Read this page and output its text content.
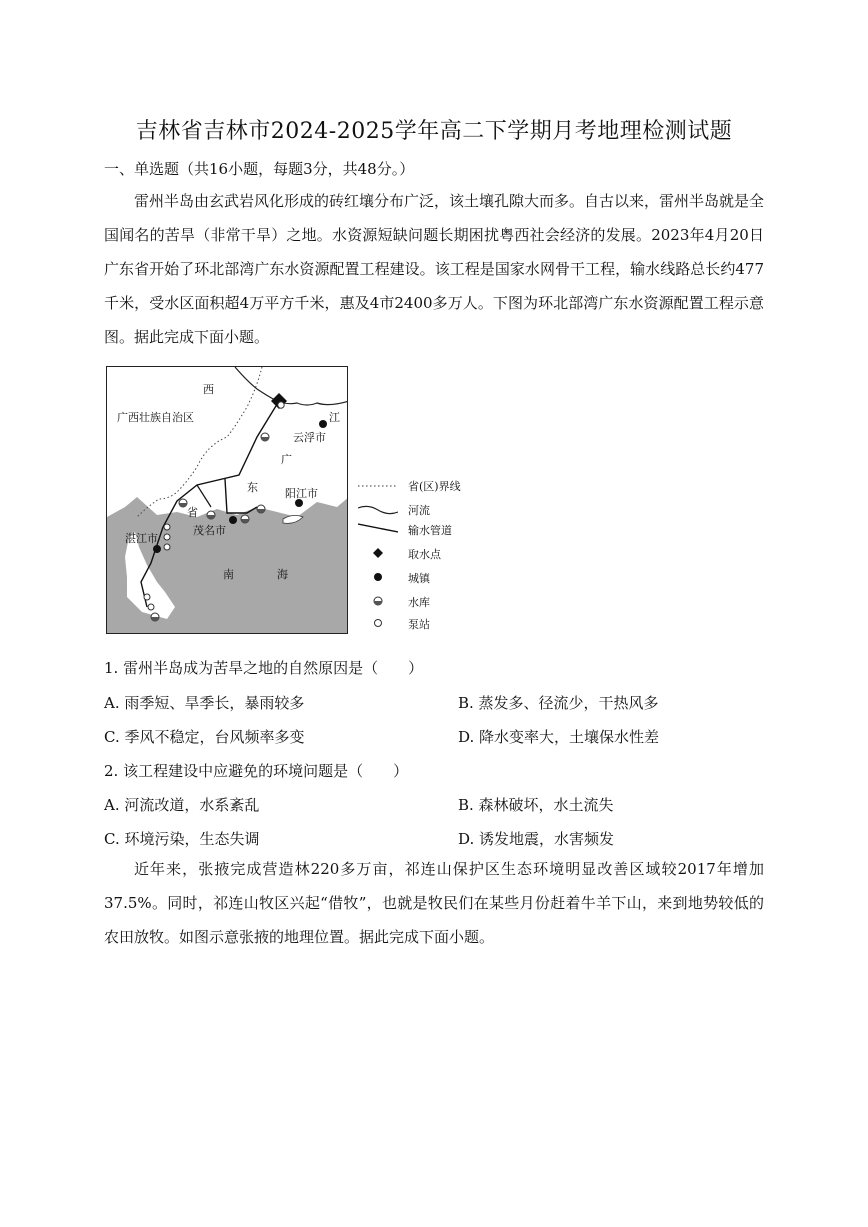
吉林省吉林市2024-2025学年高二下学期月考地理检测试题
一、单选题（共16小题，每题3分，共48分。）
雷州半岛由玄武岩风化形成的砖红壤分布广泛，该土壤孔隙大而多。自古以来，雷州半岛就是全国闻名的苦旱（非常干旱）之地。水资源短缺问题长期困扰粤西社会经济的发展。2023年4月20日广东省开始了环北部湾广东水资源配置工程建设。该工程是国家水网骨干工程，输水线路总长约477千米，受水区面积超4万平方千米，惠及4市2400多万人。下图为环北部湾广东水资源配置工程示意图。据此完成下面小题。
西
江
广西壮族自治区
云浮市
广
东 阳江市
省
茂名市
湛江市
南	海
省(区)界线
河流
输水管道
取水点
城镇
水库
泵站
1. 雷州半岛成为苦旱之地的自然原因是（　　）
A. 雨季短、旱季长，暴雨较多	B. 蒸发多、径流少，干热风多
C. 季风不稳定，台风频率多变	D. 降水变率大，土壤保水性差
2. 该工程建设中应避免的环境问题是（　　）
A. 河流改道，水系紊乱	B. 森林破坏，水土流失
C. 环境污染，生态失调	D. 诱发地震，水害频发
近年来，张掖完成营造林220多万亩，祁连山保护区生态环境明显改善区域较2017年增加37.5%。同时，祁连山牧区兴起“借牧”，也就是牧民们在某些月份赶着牛羊下山，来到地势较低的农田放牧。如图示意张掖的地理位置。据此完成下面小题。
